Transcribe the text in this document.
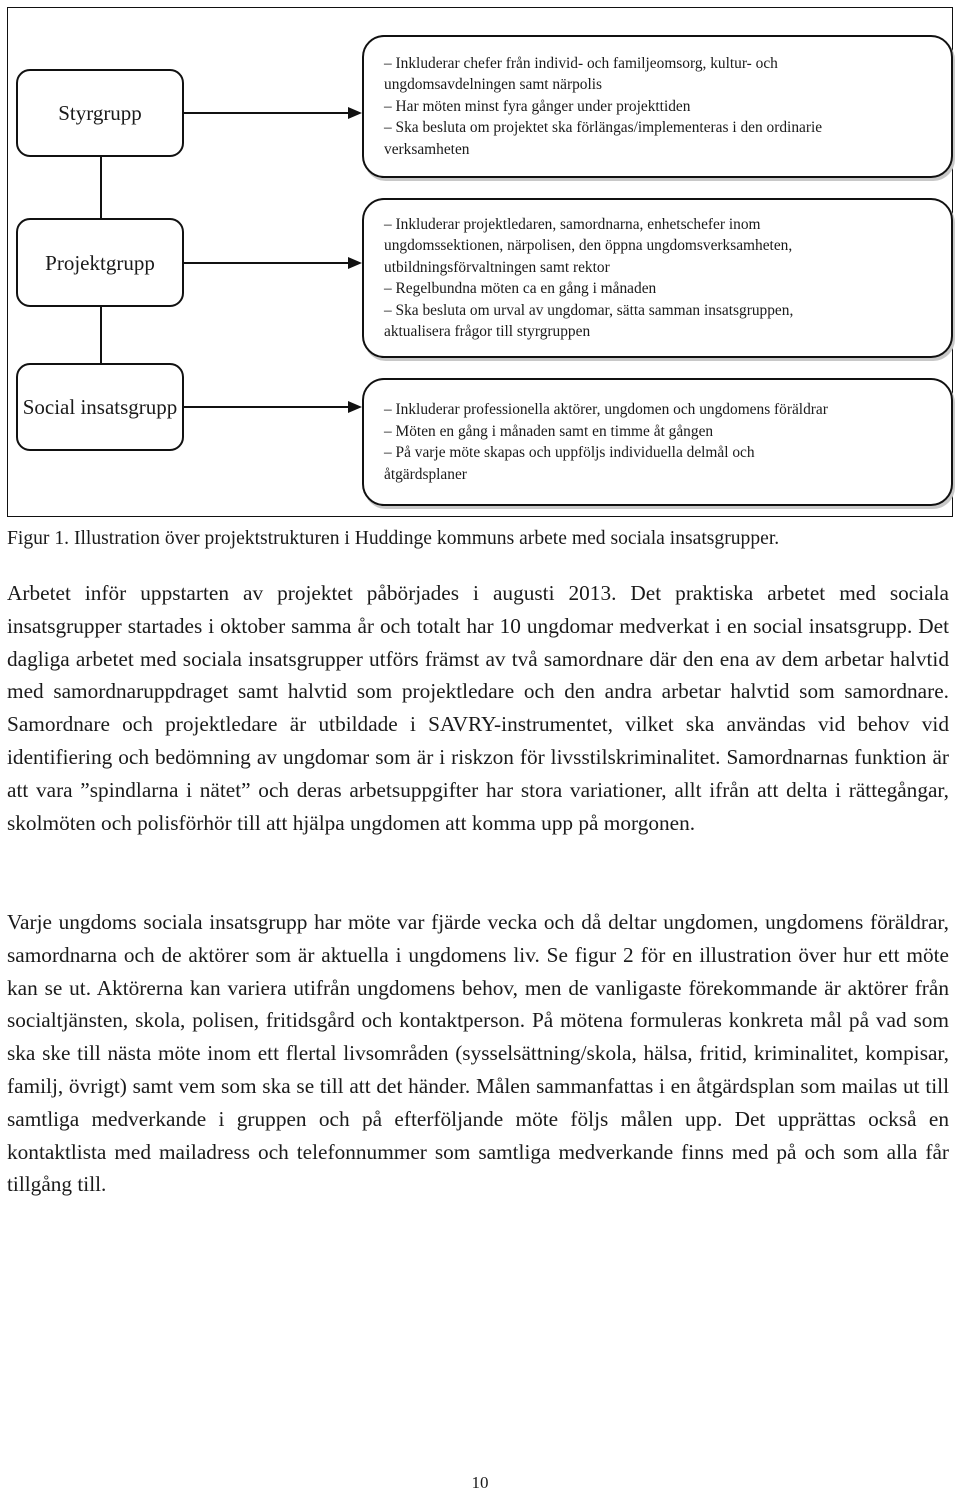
Styrgrupp
Projektgrupp
Social insatsgrupp
– Inkluderar chefer från individ- och familjeomsorg, kultur- och
ungdomsavdelningen samt närpolis
– Har möten minst fyra gånger under projekttiden
– Ska besluta om projektet ska förlängas/implementeras i den ordinarie
verksamheten
– Inkluderar projektledaren, samordnarna, enhetschefer inom
ungdomssektionen, närpolisen, den öppna ungdomsverksamheten,
utbildningsförvaltningen samt rektor
– Regelbundna möten ca en gång i månaden
– Ska besluta om urval av ungdomar, sätta samman insatsgruppen,
aktualisera frågor till styrgruppen
– Inkluderar professionella aktörer, ungdomen och ungdomens föräldrar
– Möten en gång i månaden samt en timme åt gången
– På varje möte skapas och uppföljs individuella delmål och
åtgärdsplaner
Figur 1. Illustration över projektstrukturen i Huddinge kommuns arbete med sociala insatsgrupper.

Arbetet inför uppstarten av projektet påbörjades i augusti 2013. Det praktiska arbetet med sociala insatsgrupper startades i oktober samma år och totalt har 10 ungdomar medverkat i en social insatsgrupp. Det dagliga arbetet med sociala insatsgrupper utförs främst av två samordnare där den ena av dem arbetar halvtid med samordnaruppdraget samt halvtid som projektledare och den andra arbetar halvtid som samordnare. Samordnare och projektledare är utbildade i SAVRY-instrumentet, vilket ska användas vid behov vid identifiering och bedömning av ungdomar som är i riskzon för livsstilskriminalitet. Samordnarnas funktion är att vara ”spindlarna i nätet” och deras arbetsuppgifter har stora variationer, allt ifrån att delta i rättegångar, skolmöten och polisförhör till att hjälpa ungdomen att komma upp på morgonen.

Varje ungdoms sociala insatsgrupp har möte var fjärde vecka och då deltar ungdomen, ungdomens föräldrar, samordnarna och de aktörer som är aktuella i ungdomens liv. Se figur 2 för en illustration över hur ett möte kan se ut. Aktörerna kan variera utifrån ungdomens behov, men de vanligaste förekommande är aktörer från socialtjänsten, skola, polisen, fritidsgård och kontaktperson. På mötena formuleras konkreta mål på vad som ska ske till nästa möte inom ett flertal livsområden (sysselsättning/skola, hälsa, fritid, kriminalitet, kompisar, familj, övrigt) samt vem som ska se till att det händer. Målen sammanfattas i en åtgärdsplan som mailas ut till samtliga medverkande i gruppen och på efterföljande möte följs målen upp. Det upprättas också en kontaktlista med mailadress och telefonnummer som samtliga medverkande finns med på och som alla får tillgång till.

10
